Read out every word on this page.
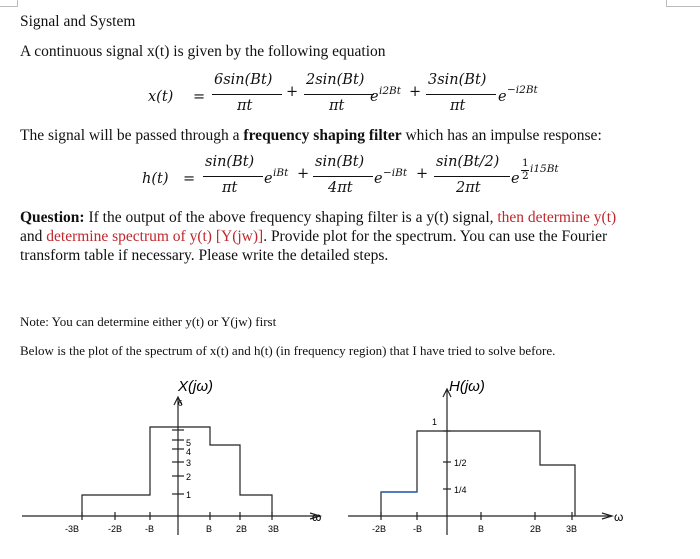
Signal and System
A continuous signal x(t) is given by the following equation
x(t) =
6sin(Bt)
πt
+
2sin(Bt)
πt
e i2Bt +
3sin(Bt)
πt
e −i2Bt
The signal will be passed through a frequency shaping filter which has an impulse response:
h(t) =
sin(Bt)
πt
e iBt +
sin(Bt)
4πt
e −iBt +
sin(Bt/2)
2πt
e
1
2
i15Bt
Question: If the output of the above frequency shaping filter is a y(t) signal, then determine y(t)
and determine spectrum of y(t) [Y(jw)]. Provide plot for the spectrum. You can use the Fourier
transform table if necessary. Please write the detailed steps.
Note: You can determine either y(t) or Y(jw) first
Below is the plot of the spectrum of x(t) and h(t) (in frequency region) that I have tried to solve before.
X(jω)
ω
6
5
4
3
2
1
-3B	-2B	-B	B	2B 3B
H(jω)
ω
1
1/2
1/4
-2B	-B	B	2B	3B
